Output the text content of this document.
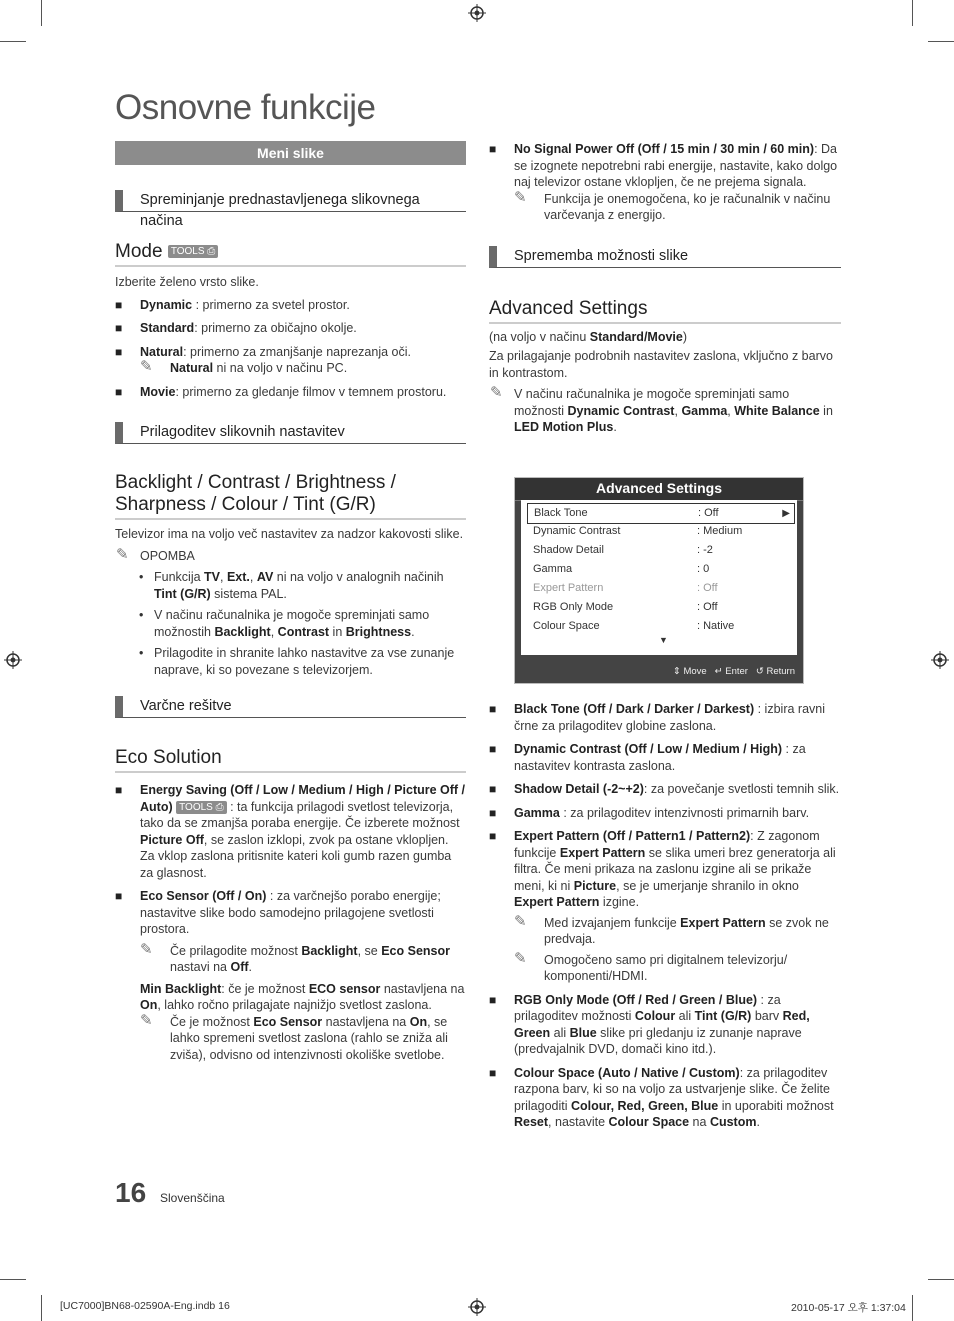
Osnovne funkcije
Meni slike
Spreminjanje prednastavljenega slikovnega načina
Mode TOOLS ⎙
Izberite želeno vrsto slike.
■ Dynamic : primerno za svetel prostor.
■ Standard: primerno za običajno okolje.
■ Natural: primerno za zmanjšanje naprezanja oči.
✎ Natural ni na voljo v načinu PC.
■ Movie: primerno za gledanje filmov v temnem prostoru.
Prilagoditev slikovnih nastavitev
Backlight / Contrast / Brightness / Sharpness / Colour / Tint (G/R)
Televizor ima na voljo več nastavitev za nadzor kakovosti slike.
✎ OPOMBA
• Funkcija TV, Ext., AV ni na voljo v analognih načinih Tint (G/R) sistema PAL.
• V načinu računalnika je mogoče spreminjati samo možnostih Backlight, Contrast in Brightness.
• Prilagodite in shranite lahko nastavitve za vse zunanje naprave, ki so povezane s televizorjem.
Varčne rešitve
Eco Solution
■ Energy Saving (Off / Low / Medium / High / Picture Off / Auto) TOOLS ⎙ : ta funkcija prilagodi svetlost televizorja, tako da se zmanjša poraba energije. Če izberete možnost Picture Off, se zaslon izklopi, zvok pa ostane vklopljen. Za vklop zaslona pritisnite kateri koli gumb razen gumba za glasnost.
■ Eco Sensor (Off / On) : za varčnejšo porabo energije; nastavitve slike bodo samodejno prilagojene svetlosti prostora.
✎ Če prilagodite možnost Backlight, se Eco Sensor nastavi na Off.
Min Backlight: če je možnost ECO sensor nastavljena na On, lahko ročno prilagajate najnižjo svetlost zaslona.
✎ Če je možnost Eco Sensor nastavljena na On, se lahko spremeni svetlost zaslona (rahlo se zniža ali zviša), odvisno od intenzivnosti okoliške svetlobe.
■ No Signal Power Off (Off / 15 min / 30 min / 60 min): Da se izognete nepotrebni rabi energije, nastavite, kako dolgo naj televizor ostane vklopljen, če ne prejema signala.
✎ Funkcija je onemogočena, ko je računalnik v načinu varčevanja z energijo.
Sprememba možnosti slike
Advanced Settings
(na voljo v načinu Standard/Movie)
Za prilagajanje podrobnih nastavitev zaslona, vključno z barvo in kontrastom.
✎ V načinu računalnika je mogoče spreminjati samo možnosti Dynamic Contrast, Gamma, White Balance in LED Motion Plus.
Advanced Settings
Black Tone	: Off	▶
Dynamic Contrast	: Medium
Shadow Detail	: -2
Gamma	: 0
Expert Pattern	: Off
RGB Only Mode	: Off
Colour Space	: Native
▼
⇕ Move ↵ Enter ↺ Return
■ Black Tone (Off / Dark / Darker / Darkest) : izbira ravni črne za prilagoditev globine zaslona.
■ Dynamic Contrast (Off / Low / Medium / High) : za nastavitev kontrasta zaslona.
■ Shadow Detail (-2~+2): za povečanje svetlosti temnih slik.
■ Gamma : za prilagoditev intenzivnosti primarnih barv.
■ Expert Pattern (Off / Pattern1 / Pattern2): Z zagonom funkcije Expert Pattern se slika umeri brez generatorja ali filtra. Če meni prikaza na zaslonu izgine ali se prikaže meni, ki ni Picture, se je umerjanje shranilo in okno Expert Pattern izgine.
✎ Med izvajanjem funkcije Expert Pattern se zvok ne predvaja.
✎ Omogočeno samo pri digitalnem televizorju/ komponenti/HDMI.
■ RGB Only Mode (Off / Red / Green / Blue) : za prilagoditev možnosti Colour ali Tint (G/R) barv Red, Green ali Blue slike pri gledanju iz zunanje naprave (predvajalnik DVD, domači kino itd.).
■ Colour Space (Auto / Native / Custom): za prilagoditev razpona barv, ki so na voljo za ustvarjenje slike. Če želite prilagoditi Colour, Red, Green, Blue in uporabiti možnost Reset, nastavite Colour Space na Custom.
16 Slovenščina
[UC7000]BN68-02590A-Eng.indb 16	2010-05-17 오후 1:37:04
